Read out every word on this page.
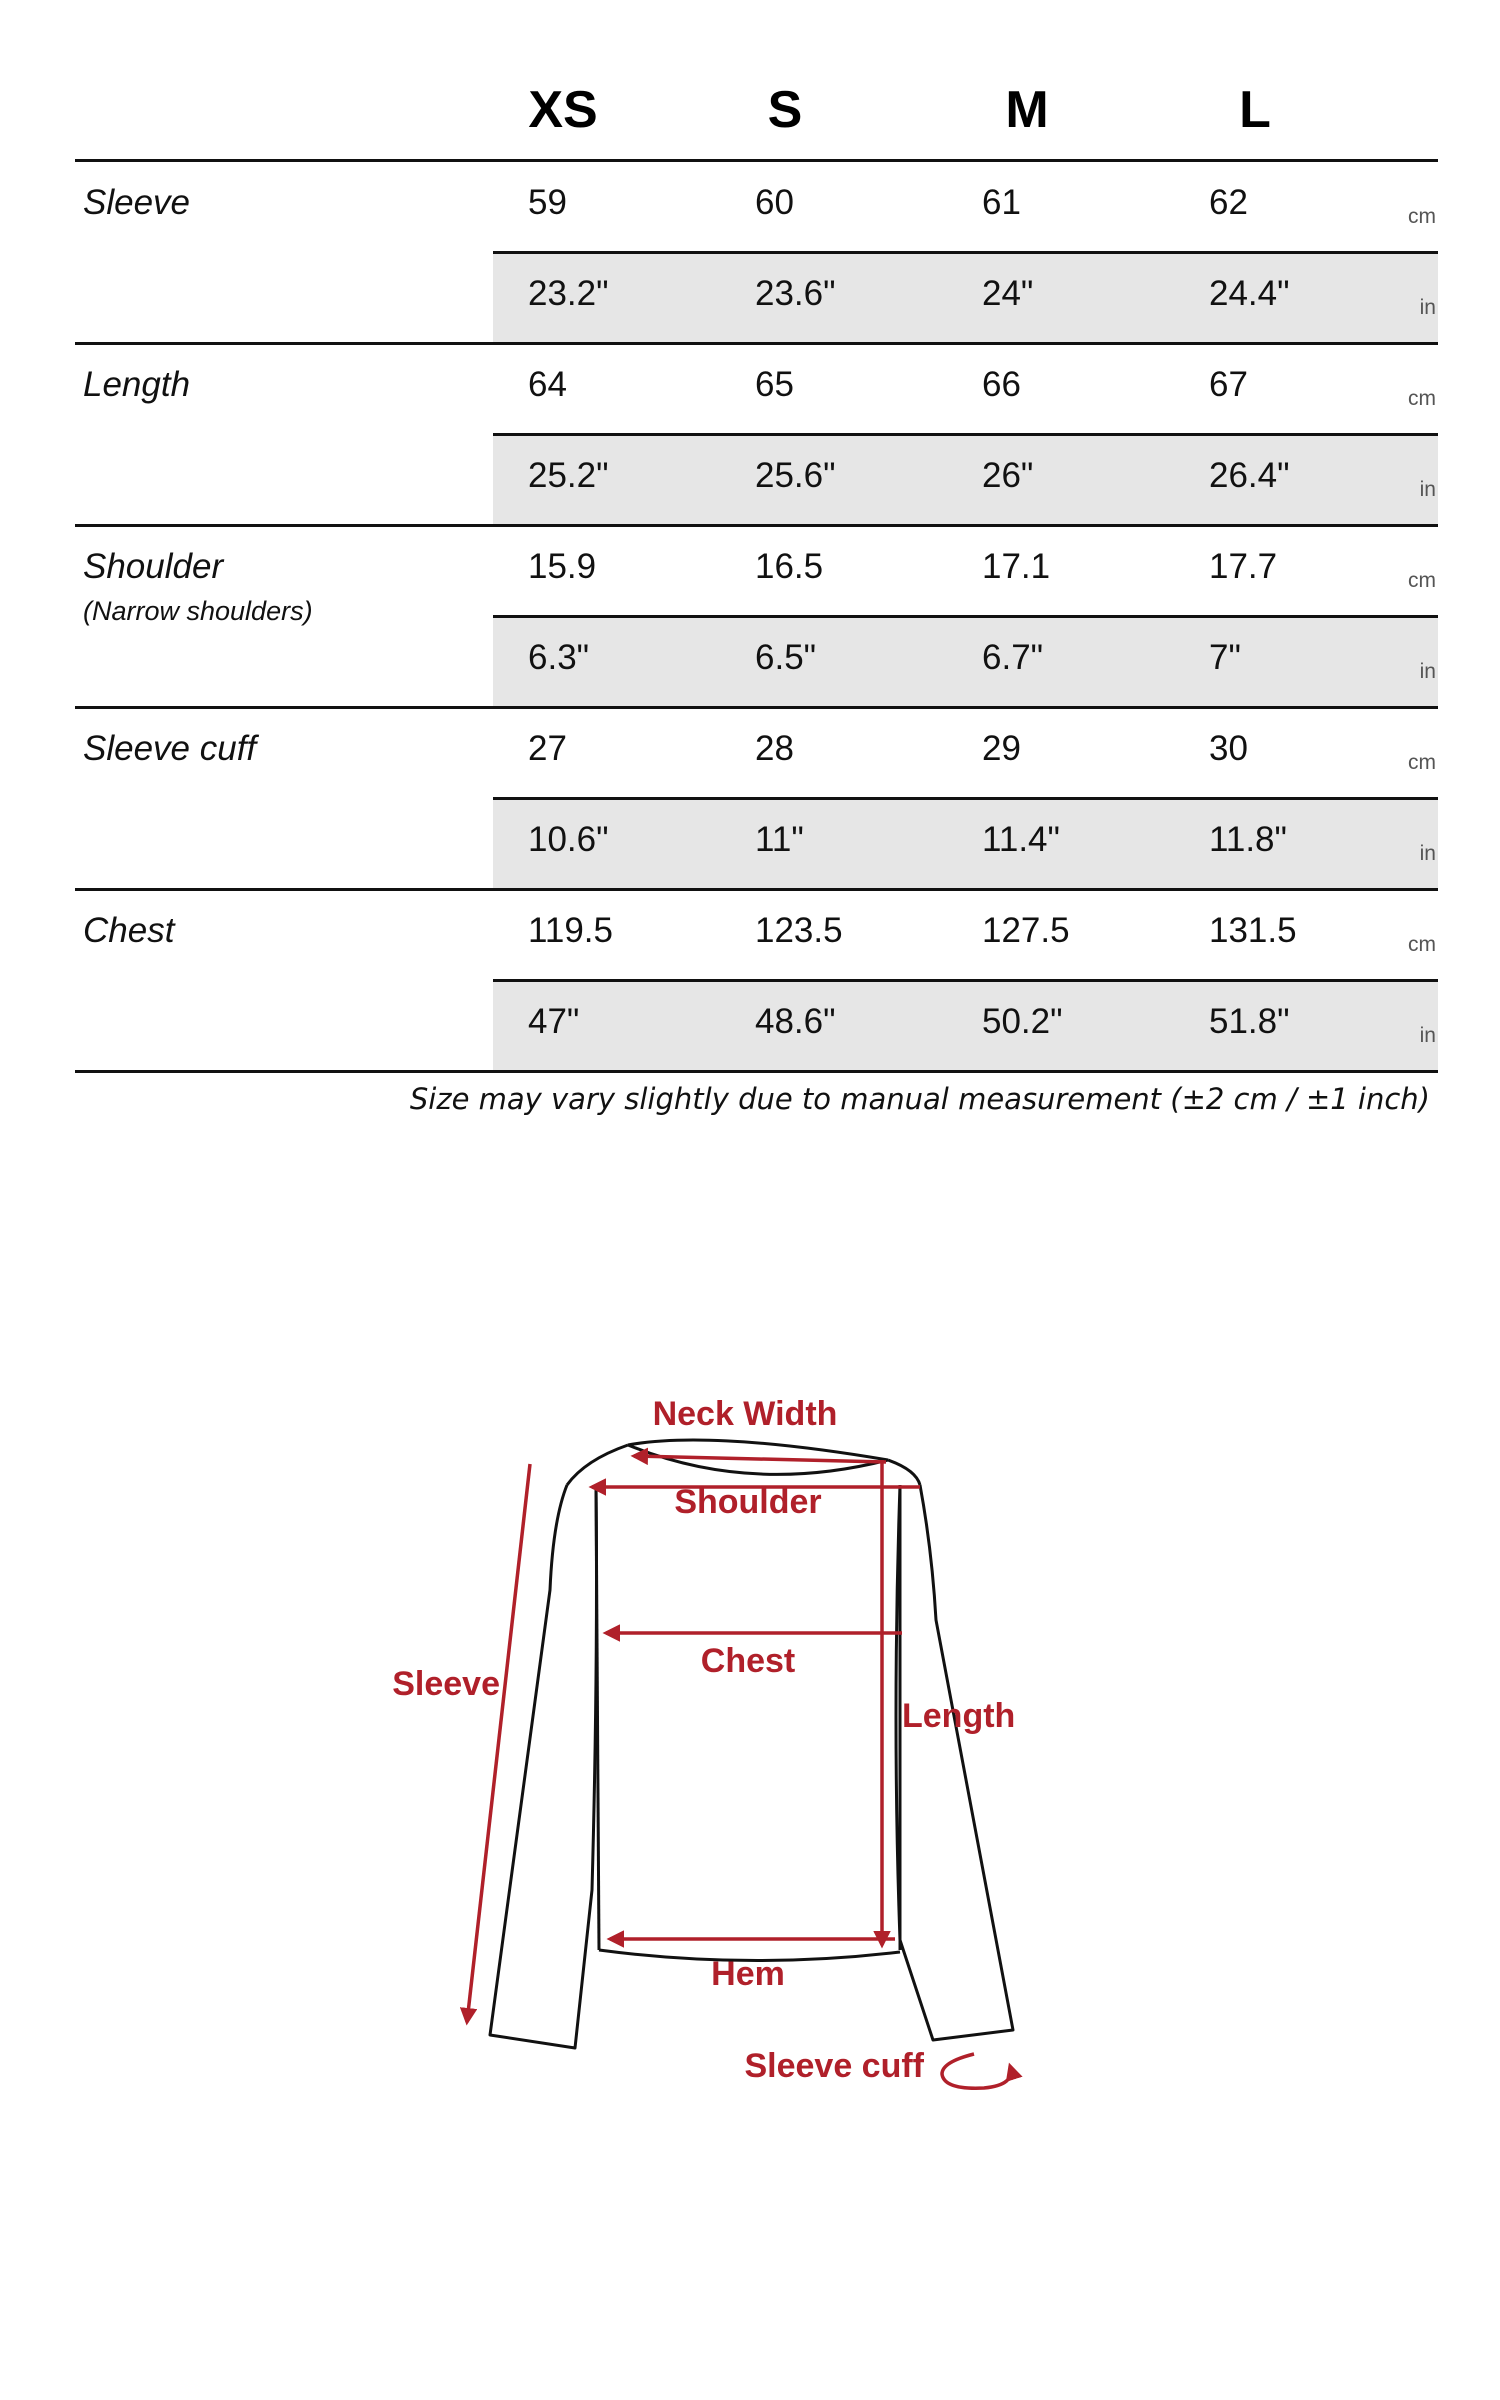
XS	S	M	L
Sleeve	59	60	61	62	cm
23.2"	23.6"	24"	24.4"	in
Length	64	65	66	67	cm
25.2"	25.6"	26"	26.4"	in
Shoulder
(Narrow shoulders)
15.9	16.5	17.1	17.7	cm
6.3"	6.5"	6.7"	7"	in
Sleeve cuff	27	28	29	30	cm
10.6"	11"	11.4"	11.8"	in
Chest	119.5	123.5	127.5	131.5	cm
47"	48.6"	50.2"	51.8"	in
Size may vary slightly due to manual measurement (±2 cm / ±1 inch)
Neck Width
Shoulder
Chest
Length
Sleeve
Hem
Sleeve cuff
